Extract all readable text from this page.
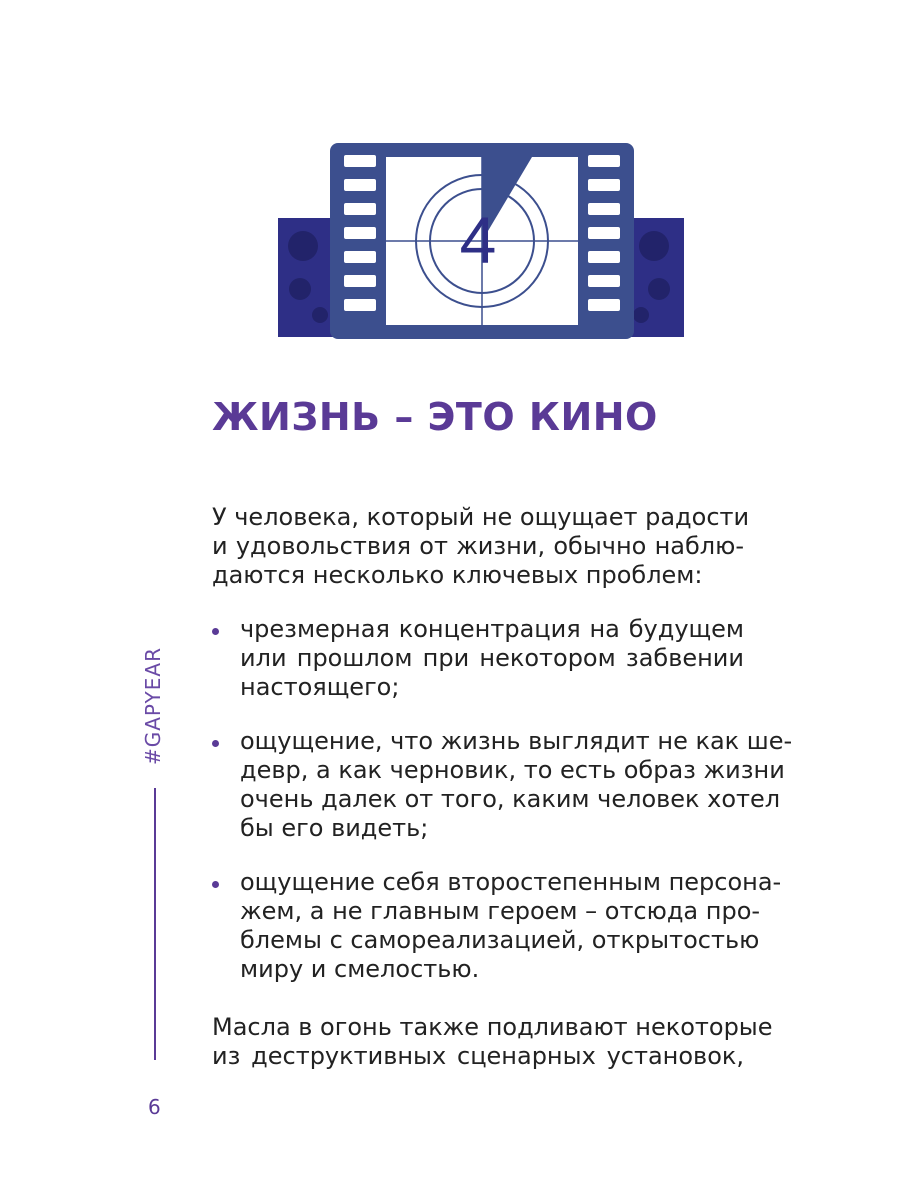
4
ЖИЗНЬ – ЭТО КИНО
У человека, который не ощущает радости
и удовольствия от жизни, обычно наблю-
даются несколько ключевых проблем:
чрезмерная концентрация на будущем
или прошлом при некотором забвении
настоящего;
ощущение, что жизнь выглядит не как ше-
девр, а как черновик, то есть образ жизни
очень далек от того, каким человек хотел
бы его видеть;
ощущение себя второстепенным персона-
жем, а не главным героем – отсюда про-
блемы с самореализацией, открытостью
миру и смелостью.
Масла в огонь также подливают некоторые
из деструктивных сценарных установок,
#GAPYEAR
6
